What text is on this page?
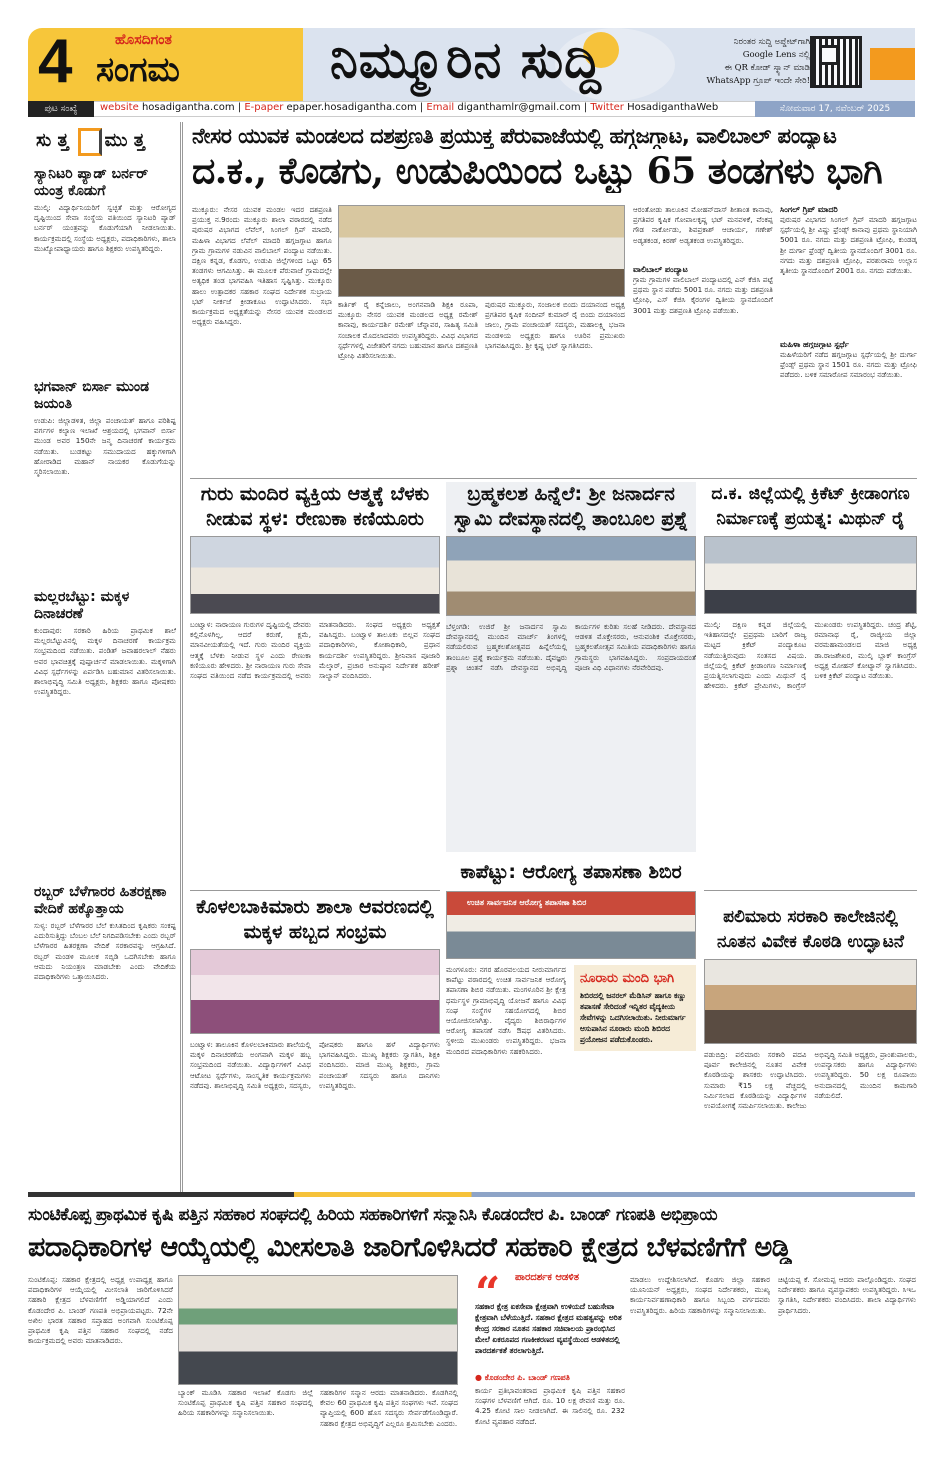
4	ಹೊಸದಿಗಂತ
ಸಂಗಮ	ನಿಮ್ಮೂರಿನ ಸುದ್ದಿ	ನಿರಂತರ ಸುದ್ದಿ ಅಪ್ಡೇಟ್‌ಗಾಗಿ
Google Lens ನಲ್ಲಿ
ಈ QR ಕೋಡ್ ಸ್ಕ್ಯಾನ್ ಮಾಡಿ
WhatsApp ಗ್ರೂಪ್ ಇಂದೇ ಸೇರಿ!
ಪುಟ ಸಂಖ್ಯೆ	website hosadigantha.com | E-paper epaper.hosadigantha.com | Email diganthamlr@gmail.com | Twitter HosadiganthaWeb	ಸೋಮವಾರ 17, ನವೆಂಬರ್ 2025
ಸು ತ್ತ ಮು ತ್ತ
ಸ್ಯಾನಿಟರಿ ಪ್ಯಾಡ್ ಬರ್ನರ್ ಯಂತ್ರ ಕೊಡುಗೆ
ಮುಲ್ಕಿ: ವಿದ್ಯಾರ್ಥಿನಿಯರಿಗೆ ಸ್ವಚ್ಛತೆ ಮತ್ತು ಆರೋಗ್ಯದ ದೃಷ್ಟಿಯಿಂದ ಸೇವಾ ಸಂಸ್ಥೆಯ ವತಿಯಿಂದ ಸ್ಯಾನಿಟರಿ ಪ್ಯಾಡ್ ಬರ್ನರ್ ಯಂತ್ರವನ್ನು ಕೊಡುಗೆಯಾಗಿ ನೀಡಲಾಯಿತು. ಕಾರ್ಯಕ್ರಮದಲ್ಲಿ ಸಂಸ್ಥೆಯ ಅಧ್ಯಕ್ಷರು, ಪದಾಧಿಕಾರಿಗಳು, ಶಾಲಾ ಮುಖ್ಯೋಪಾಧ್ಯಾಯರು ಹಾಗೂ ಶಿಕ್ಷಕರು ಉಪಸ್ಥಿತರಿದ್ದರು.
ಭಗವಾನ್ ಬಿರ್ಸಾ ಮುಂಡ ಜಯಂತಿ
ಉಡುಪಿ: ಜಿಲ್ಲಾಡಳಿತ, ಜಿಲ್ಲಾ ಪಂಚಾಯತ್ ಹಾಗೂ ಪರಿಶಿಷ್ಟ ವರ್ಗಗಳ ಕಲ್ಯಾಣ ಇಲಾಖೆ ಆಶ್ರಯದಲ್ಲಿ ಭಗವಾನ್ ಬಿರ್ಸಾ ಮುಂಡ ಅವರ 150ನೇ ಜನ್ಮ ದಿನಾಚರಣೆ ಕಾರ್ಯಕ್ರಮ ನಡೆಯಿತು. ಬುಡಕಟ್ಟು ಸಮುದಾಯದ ಹಕ್ಕುಗಳಿಗಾಗಿ ಹೋರಾಡಿದ ಮಹಾನ್ ನಾಯಕರ ಕೊಡುಗೆಯನ್ನು ಸ್ಮರಿಸಲಾಯಿತು.
ಮಲ್ಲರಬೆಟ್ಟು: ಮಕ್ಕಳ ದಿನಾಚರಣೆ
ಕುಂದಾಪುರ: ಸರಕಾರಿ ಹಿರಿಯ ಪ್ರಾಥಮಿಕ ಶಾಲೆ ಮಲ್ಲರಬೆಟ್ಟುವಿನಲ್ಲಿ ಮಕ್ಕಳ ದಿನಾಚರಣೆ ಕಾರ್ಯಕ್ರಮ ಸಂಭ್ರಮದಿಂದ ನಡೆಯಿತು. ಪಂಡಿತ್ ಜವಾಹರಲಾಲ್ ನೆಹರು ಅವರ ಭಾವಚಿತ್ರಕ್ಕೆ ಪುಷ್ಪಾರ್ಚನೆ ಮಾಡಲಾಯಿತು. ಮಕ್ಕಳಿಗಾಗಿ ವಿವಿಧ ಸ್ಪರ್ಧೆಗಳನ್ನು ಏರ್ಪಡಿಸಿ ಬಹುಮಾನ ವಿತರಿಸಲಾಯಿತು. ಶಾಲಾಭಿವೃದ್ಧಿ ಸಮಿತಿ ಅಧ್ಯಕ್ಷರು, ಶಿಕ್ಷಕರು ಹಾಗೂ ಪೋಷಕರು ಉಪಸ್ಥಿತರಿದ್ದರು.
ರಬ್ಬರ್ ಬೆಳೆಗಾರರ ಹಿತರಕ್ಷಣಾ ವೇದಿಕೆ ಹಕ್ಕೊತ್ತಾಯ
ಸುಳ್ಯ: ರಬ್ಬರ್ ಬೆಳೆಗಾರರ ಬೆಲೆ ಕುಸಿತದಿಂದ ಕೃಷಿಕರು ಸಂಕಷ್ಟ ಎದುರಿಸುತ್ತಿದ್ದು ಬೆಂಬಲ ಬೆಲೆ ನಿಗದಿಪಡಿಸಬೇಕು ಎಂದು ರಬ್ಬರ್ ಬೆಳೆಗಾರರ ಹಿತರಕ್ಷಣಾ ವೇದಿಕೆ ಸರಕಾರವನ್ನು ಆಗ್ರಹಿಸಿದೆ. ರಬ್ಬರ್ ಮಂಡಳಿ ಮೂಲಕ ಸಬ್ಸಿಡಿ ಒದಗಿಸಬೇಕು ಹಾಗೂ ಆಮದು ನಿಯಂತ್ರಣ ಮಾಡಬೇಕು ಎಂದು ವೇದಿಕೆಯ ಪದಾಧಿಕಾರಿಗಳು ಒತ್ತಾಯಿಸಿದರು.
ನೇಸರ ಯುವಕ ಮಂಡಲದ ದಶಪ್ರಣತಿ ಪ್ರಯುಕ್ತ ಪೆರುವಾಜೆಯಲ್ಲಿ ಹಗ್ಗಜಗ್ಗಾಟ, ವಾಲಿಬಾಲ್ ಪಂದ್ಯಾಟ
ದ.ಕ., ಕೊಡಗು, ಉಡುಪಿಯಿಂದ ಒಟ್ಟು 65 ತಂಡಗಳು ಭಾಗಿ
ಮುಕ್ಕೂರು: ನೇಸರ ಯುವಕ ಮಂಡಲ ಇದರ ದಶಪ್ರಣತಿ ಪ್ರಯುಕ್ತ ನ.9ರಂದು ಮುಕ್ಕೂರು ಶಾಲಾ ವಠಾರದಲ್ಲಿ ನಡೆದ ಪುರುಷರ ವಿಭಾಗದ ಲೆವೆಲ್, ಸಿಂಗಲ್ ಗ್ರಿಪ್ ಮಾದರಿ, ಮಹಿಳಾ ವಿಭಾಗದ ಲೆವೆಲ್ ಮಾದರಿ ಹಗ್ಗಜಗ್ಗಾಟ ಹಾಗೂ ಗ್ರಾಮ ಗ್ರಾಮಗಳ ನಡುವಿನ ವಾಲಿಬಾಲ್ ಪಂದ್ಯಾಟ ನಡೆಯಿತು. ದಕ್ಷಿಣ ಕನ್ನಡ, ಕೊಡಗು, ಉಡುಪಿ ಜಿಲ್ಲೆಗಳಿಂದ ಒಟ್ಟು 65 ತಂಡಗಳು ಆಗಮಿಸಿತ್ತು. ಈ ಮೂಲಕ ಪೆರುವಾಜೆ ಗ್ರಾಮದಲ್ಲೇ ಅತ್ಯಧಿಕ ತಂಡ ಭಾಗವಹಿಸಿ ಇತಿಹಾಸ ಸೃಷ್ಟಿಸಿತ್ತು. ಮುಕ್ಕೂರು ಹಾಲು ಉತ್ಪಾದಕರ ಸಹಕಾರ ಸಂಘದ ನಿರ್ದೇಶಕ ಸುಬ್ರಾಯ ಭಟ್ ನೀರ್ಕಜೆ ಕ್ರೀಡಾಕೂಟ ಉದ್ಘಾಟಿಸಿದರು. ಸಭಾ ಕಾರ್ಯಕ್ರಮದ ಅಧ್ಯಕ್ಷತೆಯನ್ನು ನೇಸರ ಯುವಕ ಮಂಡಲದ ಅಧ್ಯಕ್ಷರು ವಹಿಸಿದ್ದರು.
ಕಾರ್ತಿಕ್ ರೈ ಕನ್ನೆಜಾಲು, ಅಂಗನವಾಡಿ ಶಿಕ್ಷಕಿ ರೂಪಾ, ಮುಕ್ಕೂರು ನೇಸರ ಯುವಕ ಮಂಡಲದ ಅಧ್ಯಕ್ಷ ರಮೇಶ್ ಕಾನಾವು, ಕಾರ್ಯದರ್ಶಿ ರಮೇಶ್ ಚೆನ್ನಾವರ, ಸಾಹಿತ್ಯ ಸಮಿತಿ ಸಂಚಾಲಕ ಮೊದಲಾದವರು ಉಪಸ್ಥಿತರಿದ್ದರು. ವಿವಿಧ ವಿಭಾಗದ ಸ್ಪರ್ಧೆಗಳಲ್ಲಿ ವಿಜೇತರಿಗೆ ನಗದು ಬಹುಮಾನ ಹಾಗೂ ದಶಪ್ರಣತಿ ಟ್ರೋಫಿ ವಿತರಿಸಲಾಯಿತು.
ಪುರುಷರ ಮುಕ್ಕೂರು, ಸಂಜಾಲಕ ಬಿಂದು ದಯಾನಂದ ಅಧ್ಯಕ್ಷ ಪ್ರಗತಿಪರ ಕೃಷಿಕ ಸಂದೀಪ್ ಕುಮಾರ್ ರೈ ಬಿಂದು ದಯಾನಂದ ಜಾಲು, ಗ್ರಾಮ ಪಂಚಾಯತ್ ಸದಸ್ಯರು, ಮಹಾಲಕ್ಷ್ಮಿ ಭಜನಾ ಮಂಡಳಿಯ ಅಧ್ಯಕ್ಷರು ಹಾಗೂ ಊರಿನ ಪ್ರಮುಖರು ಭಾಗವಹಿಸಿದ್ದರು. ಶ್ರೀ ಕೃಷ್ಣ ಭಟ್ ಸ್ವಾಗತಿಸಿದರು.
ಆರಂತೋಡು ತಾಲೂಕಿನ ಮೋಹನ್‌ದಾಸ್ ಶೀತಾಂತ ಕಾನಾವು, ಪ್ರಗತಿಪರ ಕೃಷಿಕ ಗೋಪಾಲಕೃಷ್ಣ ಭಟ್ ಮನವಳಿಕೆ, ವೆಂಕಪ್ಪ ಗೌಡ ನಾರ್ಕೋಡು, ಶಿವಪ್ರಕಾಶ್ ಆಚಾರ್ಯ, ಗಣೇಶ್ ಅಡ್ಯತಕಂಡ, ಕಿರಣ್ ಅಡ್ಯತಕಂಡ ಉಪಸ್ಥಿತರಿದ್ದರು.
ವಾಲಿಬಾಲ್ ಪಂದ್ಯಾಟ
ಗ್ರಾಮ ಗ್ರಾಮಗಳ ವಾಲಿಬಾಲ್ ಪಂದ್ಯಾಟದಲ್ಲಿ ಎನ್ ಕೆಜಿಸಿ ಪಟ್ಟೆ ಪ್ರಥಮ ಸ್ಥಾನ ಪಡೆದು 5001 ರೂ. ನಗದು ಮತ್ತು ದಶಪ್ರಣತಿ ಟ್ರೋಫಿ, ಎಸ್ ಕೆಜಿಸಿ ಕೈರಂಗಳ ದ್ವಿತೀಯ ಸ್ಥಾನದೊಂದಿಗೆ 3001 ಮತ್ತು ದಶಪ್ರಣತಿ ಟ್ರೋಫಿ ಪಡೆಯಿತು.
ಸಿಂಗಲ್ ಗ್ರಿಪ್ ಮಾದರಿ
ಪುರುಷರ ವಿಭಾಗದ ಸಿಂಗಲ್ ಗ್ರಿಪ್ ಮಾದರಿ ಹಗ್ಗಜಗ್ಗಾಟ ಸ್ಪರ್ಧೆಯಲ್ಲಿ ಶ್ರೀ ವಿಷ್ಣು ಫ್ರೆಂಡ್ಸ್ ಕಾನಾವು ಪ್ರಥಮ ಸ್ಥಾನಿಯಾಗಿ 5001 ರೂ. ನಗದು ಮತ್ತು ದಶಪ್ರಣತಿ ಟ್ರೋಫಿ, ಕುಂಡಡ್ಕ ಶ್ರೀ ದುರ್ಗಾ ಫ್ರೆಂಡ್ಸ್ ದ್ವಿತೀಯ ಸ್ಥಾನದೊಂದಿಗೆ 3001 ರೂ. ನಗದು ಮತ್ತು ದಶಪ್ರಣತಿ ಟ್ರೋಫಿ, ಪರಶುರಾಮ ಉಲ್ಲಾಸ ತೃತೀಯ ಸ್ಥಾನದೊಂದಿಗೆ 2001 ರೂ. ನಗದು ಪಡೆಯಿತು.
ಮಹಿಳಾ ಹಗ್ಗಜಗ್ಗಾಟ ಸ್ಪರ್ಧೆ
ಮಹಿಳೆಯರಿಗೆ ನಡೆದ ಹಗ್ಗಜಗ್ಗಾಟ ಸ್ಪರ್ಧೆಯಲ್ಲಿ ಶ್ರೀ ದುರ್ಗಾ ಫ್ರೆಂಡ್ಸ್ ಪ್ರಥಮ ಸ್ಥಾನ 1501 ರೂ. ನಗದು ಮತ್ತು ಟ್ರೋಫಿ ಪಡೆದರು. ಬಳಿಕ ಸಮಾರೋಪ ಸಮಾರಂಭ ನಡೆಯಿತು.
ಗುರು ಮಂದಿರ ವ್ಯಕ್ತಿಯ ಆತ್ಮಕ್ಕೆ ಬೆಳಕು ನೀಡುವ ಸ್ಥಳ: ರೇಣುಕಾ ಕಣಿಯೂರು
ಬಂಟ್ವಾಳ: ನಾರಾಯಣ ಗುರುಗಳ ದೃಷ್ಟಿಯಲ್ಲಿ ದೇವರು ಕಲ್ಲಿನೊಳಗಿಲ್ಲ, ಆದರೆ ಕರುಣೆ, ಕ್ಷಮೆ, ಮಾನವೀಯತೆಯಲ್ಲಿ ಇದೆ. ಗುರು ಮಂದಿರ ವ್ಯಕ್ತಿಯ ಆತ್ಮಕ್ಕೆ ಬೆಳಕು ನೀಡುವ ಸ್ಥಳ ಎಂದು ರೇಣುಕಾ ಕಣಿಯೂರು ಹೇಳಿದರು. ಶ್ರೀ ನಾರಾಯಣ ಗುರು ಸೇವಾ ಸಂಘದ ವತಿಯಿಂದ ನಡೆದ ಕಾರ್ಯಕ್ರಮದಲ್ಲಿ ಅವರು ಮಾತನಾಡಿದರು. ಸಂಘದ ಅಧ್ಯಕ್ಷರು ಅಧ್ಯಕ್ಷತೆ ವಹಿಸಿದ್ದರು. ಬಂಟ್ವಾಳ ತಾಲೂಕು ಬಿಲ್ಲವ ಸಂಘದ ಪದಾಧಿಕಾರಿಗಳು, ಕೋಶಾಧಿಕಾರಿ, ಪ್ರಧಾನ ಕಾರ್ಯದರ್ಶಿ ಉಪಸ್ಥಿತರಿದ್ದರು. ಶ್ರೀನಿವಾಸ ಪೂಜಾರಿ ಮೆಲ್ಕಾರ್, ಪ್ರಚಾರ ಅನುಷ್ಠಾನ ನಿರ್ದೇಶಕ ಹರೀಶ್ ಸಾಲ್ಯಾನ್ ವಂದಿಸಿದರು.
ಬ್ರಹ್ಮಕಲಶ ಹಿನ್ನೆಲೆ: ಶ್ರೀ ಜನಾರ್ದನ ಸ್ವಾಮಿ ದೇವಸ್ಥಾನದಲ್ಲಿ ತಾಂಬೂಲ ಪ್ರಶ್ನೆ
ಬೆಳ್ತಂಗಡಿ: ಉಜಿರೆ ಶ್ರೀ ಜನಾರ್ದನ ಸ್ವಾಮಿ ದೇವಸ್ಥಾನದಲ್ಲಿ ಮುಂದಿನ ಮಾರ್ಚ್ ತಿಂಗಳಲ್ಲಿ ನಡೆಯಲಿರುವ ಬ್ರಹ್ಮಕಲಶೋತ್ಸವದ ಹಿನ್ನೆಲೆಯಲ್ಲಿ ತಾಂಬೂಲ ಪ್ರಶ್ನೆ ಕಾರ್ಯಕ್ರಮ ನಡೆಯಿತು. ದೈವಜ್ಞರು ಪ್ರಶ್ನಾ ಚಿಂತನೆ ನಡೆಸಿ ದೇವಸ್ಥಾನದ ಅಭಿವೃದ್ಧಿ ಕಾರ್ಯಗಳ ಕುರಿತು ಸಲಹೆ ನೀಡಿದರು. ದೇವಸ್ಥಾನದ ಆಡಳಿತ ಮೊಕ್ತೇಸರರು, ಆನುವಂಶಿಕ ಮೊಕ್ತೇಸರರು, ಬ್ರಹ್ಮಕಲಶೋತ್ಸವ ಸಮಿತಿಯ ಪದಾಧಿಕಾರಿಗಳು ಹಾಗೂ ಗ್ರಾಮಸ್ಥರು ಭಾಗವಹಿಸಿದ್ದರು. ಸಂಪ್ರದಾಯದಂತೆ ಪೂಜಾ ವಿಧಿ ವಿಧಾನಗಳು ನೆರವೇರಿದವು.
ದ.ಕ. ಜಿಲ್ಲೆಯಲ್ಲಿ ಕ್ರಿಕೆಟ್ ಕ್ರೀಡಾಂಗಣ ನಿರ್ಮಾಣಕ್ಕೆ ಪ್ರಯತ್ನ: ಮಿಥುನ್ ರೈ
ಮುಲ್ಕಿ: ದಕ್ಷಿಣ ಕನ್ನಡ ಜಿಲ್ಲೆಯಲ್ಲಿ ಇತಿಹಾಸದಲ್ಲೇ ಪ್ರಪ್ರಥಮ ಬಾರಿಗೆ ರಾಜ್ಯ ಮಟ್ಟದ ಕ್ರಿಕೆಟ್ ಪಂದ್ಯಾಕೂಟ ನಡೆಯುತ್ತಿರುವುದು ಸಂತಸದ ವಿಷಯ. ಜಿಲ್ಲೆಯಲ್ಲಿ ಕ್ರಿಕೆಟ್ ಕ್ರೀಡಾಂಗಣ ನಿರ್ಮಾಣಕ್ಕೆ ಪ್ರಯತ್ನಿಸಲಾಗುವುದು ಎಂದು ಮಿಥುನ್ ರೈ ಹೇಳಿದರು. ಕ್ರಿಕೆಟ್ ಪ್ರೇಮಿಗಳು, ಕಾಂಗ್ರೆಸ್ ಮುಖಂಡರು ಉಪಸ್ಥಿತರಿದ್ದರು. ಚಂದ್ರ ಶೆಟ್ಟಿ, ರಮಾನಾಥ ರೈ, ರಾಜ್ಯೀಯ ಜಿಲ್ಲಾ ವರಮಹಾಮಂಡಲದ ಮಾಜಿ ಅಧ್ಯಕ್ಷ ಡಾ.ರಾಜಶೇಖರ, ಮುಲ್ಕಿ ಬ್ಲಾಕ್ ಕಾಂಗ್ರೆಸ್ ಅಧ್ಯಕ್ಷ ಮೋಹನ್ ಕೋಟ್ಯಾನ್ ಸ್ವಾಗತಿಸಿದರು. ಬಳಿಕ ಕ್ರಿಕೆಟ್ ಪಂದ್ಯಾಟ ನಡೆಯಿತು.
ಕೊಳಲಬಾಕಿಮಾರು ಶಾಲಾ ಆವರಣದಲ್ಲಿ ಮಕ್ಕಳ ಹಬ್ಬದ ಸಂಭ್ರಮ
ಬಂಟ್ವಾಳ: ತಾಲೂಕಿನ ಕೊಳಲಬಾಕಿಮಾರು ಶಾಲೆಯಲ್ಲಿ ಮಕ್ಕಳ ದಿನಾಚರಣೆಯ ಅಂಗವಾಗಿ ಮಕ್ಕಳ ಹಬ್ಬ ಸಂಭ್ರಮದಿಂದ ನಡೆಯಿತು. ವಿದ್ಯಾರ್ಥಿಗಳಿಗೆ ವಿವಿಧ ಆಟೋಟ ಸ್ಪರ್ಧೆಗಳು, ಸಾಂಸ್ಕೃತಿಕ ಕಾರ್ಯಕ್ರಮಗಳು ನಡೆದವು. ಶಾಲಾಭಿವೃದ್ಧಿ ಸಮಿತಿ ಅಧ್ಯಕ್ಷರು, ಸದಸ್ಯರು, ಪೋಷಕರು ಹಾಗೂ ಹಳೆ ವಿದ್ಯಾರ್ಥಿಗಳು ಭಾಗವಹಿಸಿದ್ದರು. ಮುಖ್ಯ ಶಿಕ್ಷಕರು ಸ್ವಾಗತಿಸಿ, ಶಿಕ್ಷಕಿ ವಂದಿಸಿದರು. ಮಾಜಿ ಮುಖ್ಯ ಶಿಕ್ಷಕರು, ಗ್ರಾಮ ಪಂಚಾಯತ್ ಸದಸ್ಯರು ಹಾಗೂ ದಾನಿಗಳು ಉಪಸ್ಥಿತರಿದ್ದರು.
ಕಾಪೆಟ್ಟು: ಆರೋಗ್ಯ ತಪಾಸಣಾ ಶಿಬಿರ
ಉಚಿತ ಸಾರ್ವಜನಿಕ ಆರೋಗ್ಯ ತಪಾಸಣಾ ಶಿಬಿರ
ಮಂಗಳೂರು: ನಗರ ಹೊರವಲಯದ ನೀರುಮಾರ್ಗದ ಕಾಪೆಟ್ಟು ವಠಾರದಲ್ಲಿ ಉಚಿತ ಸಾರ್ವಜನಿಕ ಆರೋಗ್ಯ ತಪಾಸಣಾ ಶಿಬಿರ ನಡೆಯಿತು. ಮಂಗಳೂರಿನ ಶ್ರೀ ಕ್ಷೇತ್ರ ಧರ್ಮಸ್ಥಳ ಗ್ರಾಮಾಭಿವೃದ್ಧಿ ಯೋಜನೆ ಹಾಗೂ ವಿವಿಧ ಸಂಘ ಸಂಸ್ಥೆಗಳ ಸಹಯೋಗದಲ್ಲಿ ಶಿಬಿರ ಆಯೋಜಿಸಲಾಗಿತ್ತು. ವೈದ್ಯರು ಶಿಬಿರಾರ್ಥಿಗಳ ಆರೋಗ್ಯ ತಪಾಸಣೆ ನಡೆಸಿ ಔಷಧ ವಿತರಿಸಿದರು. ಸ್ಥಳೀಯ ಮುಖಂಡರು ಉಪಸ್ಥಿತರಿದ್ದರು. ಭಜನಾ ಮಂದಿರದ ಪದಾಧಿಕಾರಿಗಳು ಸಹಕರಿಸಿದರು.
ನೂರಾರು ಮಂದಿ ಭಾಗಿ

ಶಿಬಿರದಲ್ಲಿ ಜನರಲ್ ಮೆಡಿಸಿನ್ ಹಾಗೂ ಕಣ್ಣು ತಪಾಸಣೆ ಸೇರಿದಂತೆ ಇನ್ನಿತರ ವೈದ್ಯಕೀಯ ಸೇವೆಗಳನ್ನು ಒದಗಿಸಲಾಯಿತು. ನೀರುಮಾರ್ಗ ಆಸುಪಾಸಿನ ನೂರಾರು ಮಂದಿ ಶಿಬಿರದ ಪ್ರಯೋಜನ ಪಡೆದುಕೊಂಡರು.

ಪಲಿಮಾರು ಸರಕಾರಿ ಕಾಲೇಜಿನಲ್ಲಿ ನೂತನ ವಿವೇಕ ಕೊಠಡಿ ಉದ್ಘಾಟನೆ
ಪಡುಬಿದ್ರಿ: ಪಲಿಮಾರು ಸರಕಾರಿ ಪದವಿ ಪೂರ್ವ ಕಾಲೇಜಿನಲ್ಲಿ ನೂತನ ವಿವೇಕ ಕೊಠಡಿಯನ್ನು ಶಾಸಕರು ಉದ್ಘಾಟಿಸಿದರು. ಸುಮಾರು ₹15 ಲಕ್ಷ ವೆಚ್ಚದಲ್ಲಿ ನಿರ್ಮಿಸಲಾದ ಕೊಠಡಿಯನ್ನು ವಿದ್ಯಾರ್ಥಿಗಳ ಉಪಯೋಗಕ್ಕೆ ಸಮರ್ಪಿಸಲಾಯಿತು. ಕಾಲೇಜು ಅಭಿವೃದ್ಧಿ ಸಮಿತಿ ಅಧ್ಯಕ್ಷರು, ಪ್ರಾಂಶುಪಾಲರು, ಉಪನ್ಯಾಸಕರು ಹಾಗೂ ವಿದ್ಯಾರ್ಥಿಗಳು ಉಪಸ್ಥಿತರಿದ್ದರು. 50 ಲಕ್ಷ ರೂಪಾಯಿ ಅನುದಾನದಲ್ಲಿ ಮುಂದಿನ ಕಾಮಗಾರಿ ನಡೆಯಲಿದೆ.
ಸುಂಟಿಕೊಪ್ಪ ಪ್ರಾಥಮಿಕ ಕೃಷಿ ಪತ್ತಿನ ಸಹಕಾರ ಸಂಘದಲ್ಲಿ ಹಿರಿಯ ಸಹಕಾರಿಗಳಿಗೆ ಸನ್ಮಾನಿಸಿ ಕೊಡಂದೇರ ಪಿ. ಬಾಂಡ್ ಗಣಪತಿ ಅಭಿಪ್ರಾಯ
ಪದಾಧಿಕಾರಿಗಳ ಆಯ್ಕೆಯಲ್ಲಿ ಮೀಸಲಾತಿ ಜಾರಿಗೊಳಿಸಿದರೆ ಸಹಕಾರಿ ಕ್ಷೇತ್ರದ ಬೆಳವಣಿಗೆಗೆ ಅಡ್ಡಿ
ಸುಂಟಿಕೊಪ್ಪ: ಸಹಕಾರ ಕ್ಷೇತ್ರದಲ್ಲಿ ಅಧ್ಯಕ್ಷ ಉಪಾಧ್ಯಕ್ಷ ಹಾಗೂ ಪದಾಧಿಕಾರಿಗಳ ಆಯ್ಕೆಯಲ್ಲಿ ಮೀಸಲಾತಿ ಜಾರಿಗೊಳಿಸಿದರೆ ಸಹಕಾರಿ ಕ್ಷೇತ್ರದ ಬೆಳವಣಿಗೆಗೆ ಅಡ್ಡಿಯಾಗಲಿದೆ ಎಂದು ಕೊಡಂದೇರ ಪಿ. ಬಾಂಡ್ ಗಣಪತಿ ಅಭಿಪ್ರಾಯಪಟ್ಟರು. 72ನೇ ಅಖಿಲ ಭಾರತ ಸಹಕಾರ ಸಪ್ತಾಹದ ಅಂಗವಾಗಿ ಸುಂಟಿಕೊಪ್ಪ ಪ್ರಾಥಮಿಕ ಕೃಷಿ ಪತ್ತಿನ ಸಹಕಾರ ಸಂಘದಲ್ಲಿ ನಡೆದ ಕಾರ್ಯಕ್ರಮದಲ್ಲಿ ಅವರು ಮಾತನಾಡಿದರು.
ಬ್ಯಾಂಕ್ ಮೂಡಿಸಿ ಸಹಕಾರ ಇಲಾಖೆ ಕೊಡಗು ಜಿಲ್ಲೆ ಸುಂಟಿಕೊಪ್ಪ ಪ್ರಾಥಮಿಕ ಕೃಷಿ ಪತ್ತಿನ ಸಹಕಾರ ಸಂಘದಲ್ಲಿ ಹಿರಿಯ ಸಹಕಾರಿಗಳನ್ನು ಸನ್ಮಾನಿಸಲಾಯಿತು.
ಸಹಕಾರಿಗಳ ಸನ್ಮಾನ ಆರದು ಮಾತನಾಡಿದರು. ಕೊಡಗಿನಲ್ಲಿ ಕೇವಲ 60 ಪ್ರಾಥಮಿಕ ಕೃಷಿ ಪತ್ತಿನ ಸಂಘಗಳು ಇವೆ. ಸಂಘದ ವ್ಯಾಪ್ತಿಯಲ್ಲಿ 600 ಹೊಸ ಸದಸ್ಯರು ಸೇರ್ಪಡೆಗೊಂಡಿದ್ದಾರೆ. ಸಹಕಾರ ಕ್ಷೇತ್ರದ ಅಭಿವೃದ್ಧಿಗೆ ಎಲ್ಲರೂ ಶ್ರಮಿಸಬೇಕು ಎಂದರು.
“	ಪಾರದರ್ಶಕ ಆಡಳಿತ
ಸಹಕಾರ ಕ್ಷೇತ್ರ ಏಕಸೇವಾ ಕ್ಷೇತ್ರವಾಗಿ ಉಳಿಯದೆ ಬಹುಸೇವಾ ಕ್ಷೇತ್ರವಾಗಿ ಬೆಳೆಯುತ್ತಿದೆ. ಸಹಕಾರ ಕ್ಷೇತ್ರದ ಮಹತ್ವವನ್ನು ಅರಿತ ಕೇಂದ್ರ ಸರಕಾರ ನೂತನ ಸಹಕಾರ ಸಚಿವಾಲಯ ಪ್ರಾರಂಭಿಸಿದ ಮೇಲೆ ಏಕರೂಪದ ಗಣಕೀಕರಣದ ವ್ಯವಸ್ಥೆಯಿಂದ ಆಡಳಿತದಲ್ಲಿ ಪಾರದರ್ಶಕತೆ ತರಲಾಗುತ್ತಿದೆ.
● ಕೊಡಂದೇರ ಪಿ. ಬಾಂಡ್ ಗಣಪತಿ
ಕಾರ್ಯ ಪ್ರತಿಭಾವಂತರಾದ ಪ್ರಾಥಮಿಕ ಕೃಷಿ ಪತ್ತಿನ ಸಹಕಾರ ಸಂಘಗಳ ಬೆಳವಣಿಗೆ ಆಗಿದೆ. ರೂ. 10 ಲಕ್ಷ ಠೇವಣಿ ಮತ್ತು ರೂ. 4.25 ಕೋಟಿ ಸಾಲ ನೀಡಲಾಗಿದೆ. ಈ ಸಾಲಿನಲ್ಲಿ ರೂ. 232 ಕೋಟಿ ವ್ಯವಹಾರ ನಡೆದಿದೆ.
ಮಾಡಲು ಉದ್ದೇಶಿಸಲಾಗಿದೆ. ಕೊಡಗು ಜಿಲ್ಲಾ ಸಹಕಾರ ಯೂನಿಯನ್ ಅಧ್ಯಕ್ಷರು, ಸಂಘದ ನಿರ್ದೇಶಕರು, ಮುಖ್ಯ ಕಾರ್ಯನಿರ್ವಹಣಾಧಿಕಾರಿ ಹಾಗೂ ಸಿಬ್ಬಂದಿ ವರ್ಗದವರು ಉಪಸ್ಥಿತರಿದ್ದರು. ಹಿರಿಯ ಸಹಕಾರಿಗಳನ್ನು ಸನ್ಮಾನಿಸಲಾಯಿತು.
ಚಿಟ್ಟಿಯಪ್ಪ ಕೆ. ಸೋಮಪ್ಪ ಆದರು ಪಾಲ್ಗೊಂಡಿದ್ದರು. ಸಂಘದ ನಿರ್ದೇಶಕರು ಹಾಗೂ ವ್ಯವಸ್ಥಾಪಕರು ಉಪಸ್ಥಿತರಿದ್ದರು. ಸಿಇಒ ಸ್ವಾಗತಿಸಿ, ನಿರ್ದೇಶಕರು ವಂದಿಸಿದರು. ಶಾಲಾ ವಿದ್ಯಾರ್ಥಿಗಳು ಪ್ರಾರ್ಥಿಸಿದರು.
